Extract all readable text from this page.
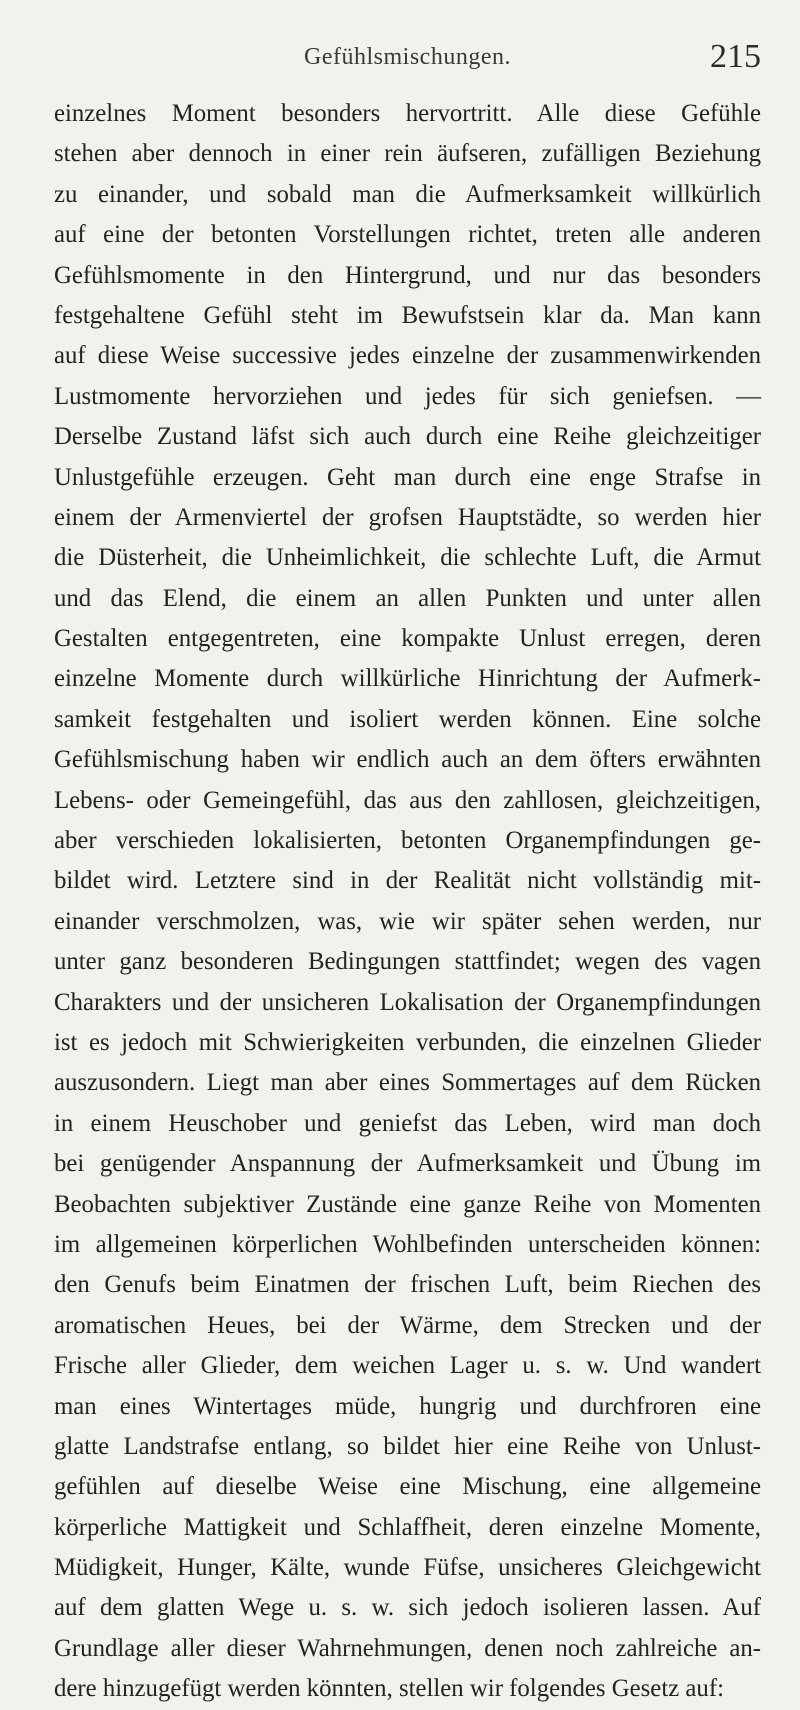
Gefühlsmischungen.	215
einzelnes Moment besonders hervortritt. Alle diese Gefühle
stehen aber dennoch in einer rein äufseren, zufälligen Beziehung
zu einander, und sobald man die Aufmerksamkeit willkürlich
auf eine der betonten Vorstellungen richtet, treten alle anderen
Gefühlsmomente in den Hintergrund, und nur das besonders
festgehaltene Gefühl steht im Bewufstsein klar da. Man kann
auf diese Weise successive jedes einzelne der zusammenwirkenden
Lustmomente hervorziehen und jedes für sich geniefsen. —
Derselbe Zustand läfst sich auch durch eine Reihe gleichzeitiger
Unlustgefühle erzeugen. Geht man durch eine enge Strafse in
einem der Armenviertel der grofsen Hauptstädte, so werden hier
die Düsterheit, die Unheimlichkeit, die schlechte Luft, die Armut
und das Elend, die einem an allen Punkten und unter allen
Gestalten entgegentreten, eine kompakte Unlust erregen, deren
einzelne Momente durch willkürliche Hinrichtung der Aufmerk-
samkeit festgehalten und isoliert werden können. Eine solche
Gefühlsmischung haben wir endlich auch an dem öfters erwähnten
Lebens- oder Gemeingefühl, das aus den zahllosen, gleichzeitigen,
aber verschieden lokalisierten, betonten Organempfindungen ge-
bildet wird. Letztere sind in der Realität nicht vollständig mit-
einander verschmolzen, was, wie wir später sehen werden, nur
unter ganz besonderen Bedingungen stattfindet; wegen des vagen
Charakters und der unsicheren Lokalisation der Organempfindungen
ist es jedoch mit Schwierigkeiten verbunden, die einzelnen Glieder
auszusondern. Liegt man aber eines Sommertages auf dem Rücken
in einem Heuschober und geniefst das Leben, wird man doch
bei genügender Anspannung der Aufmerksamkeit und Übung im
Beobachten subjektiver Zustände eine ganze Reihe von Momenten
im allgemeinen körperlichen Wohlbefinden unterscheiden können:
den Genufs beim Einatmen der frischen Luft, beim Riechen des
aromatischen Heues, bei der Wärme, dem Strecken und der
Frische aller Glieder, dem weichen Lager u. s. w. Und wandert
man eines Wintertages müde, hungrig und durchfroren eine
glatte Landstrafse entlang, so bildet hier eine Reihe von Unlust-
gefühlen auf dieselbe Weise eine Mischung, eine allgemeine
körperliche Mattigkeit und Schlaffheit, deren einzelne Momente,
Müdigkeit, Hunger, Kälte, wunde Füfse, unsicheres Gleichgewicht
auf dem glatten Wege u. s. w. sich jedoch isolieren lassen. Auf
Grundlage aller dieser Wahrnehmungen, denen noch zahlreiche an-
dere hinzugefügt werden könnten, stellen wir folgendes Gesetz auf:
